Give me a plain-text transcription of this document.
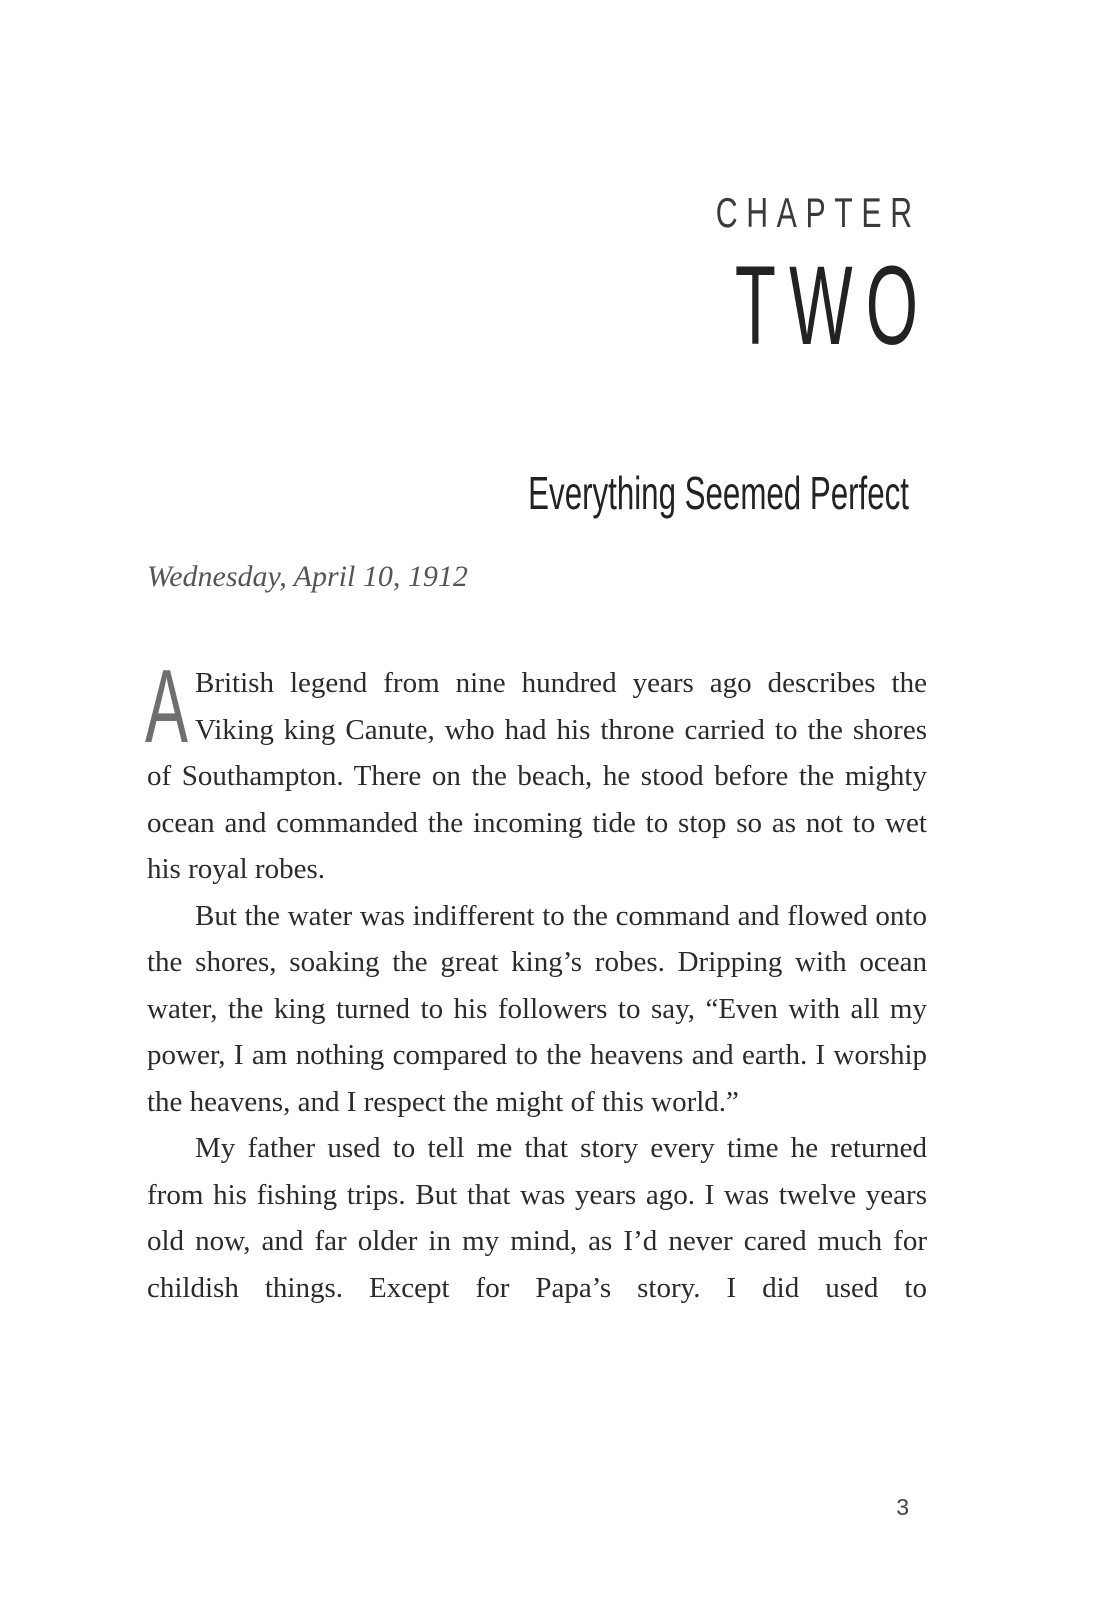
CHAPTER
TWO
Everything Seemed Perfect
Wednesday, April 10, 1912

A British legend from nine hundred years ago describes the Viking king Canute, who had his throne carried to the shores of Southampton. There on the beach, he stood before the mighty ocean and commanded the incoming tide to stop so as not to wet his royal robes.

But the water was indifferent to the command and flowed onto the shores, soaking the great king’s robes. Dripping with ocean water, the king turned to his followers to say, “Even with all my power, I am nothing compared to the heavens and earth. I worship the heavens, and I respect the might of this world.”

My father used to tell me that story every time he returned from his fishing trips. But that was years ago. I was twelve years old now, and far older in my mind, as I’d never cared much for childish things. Except for Papa’s story. I did used to

3
